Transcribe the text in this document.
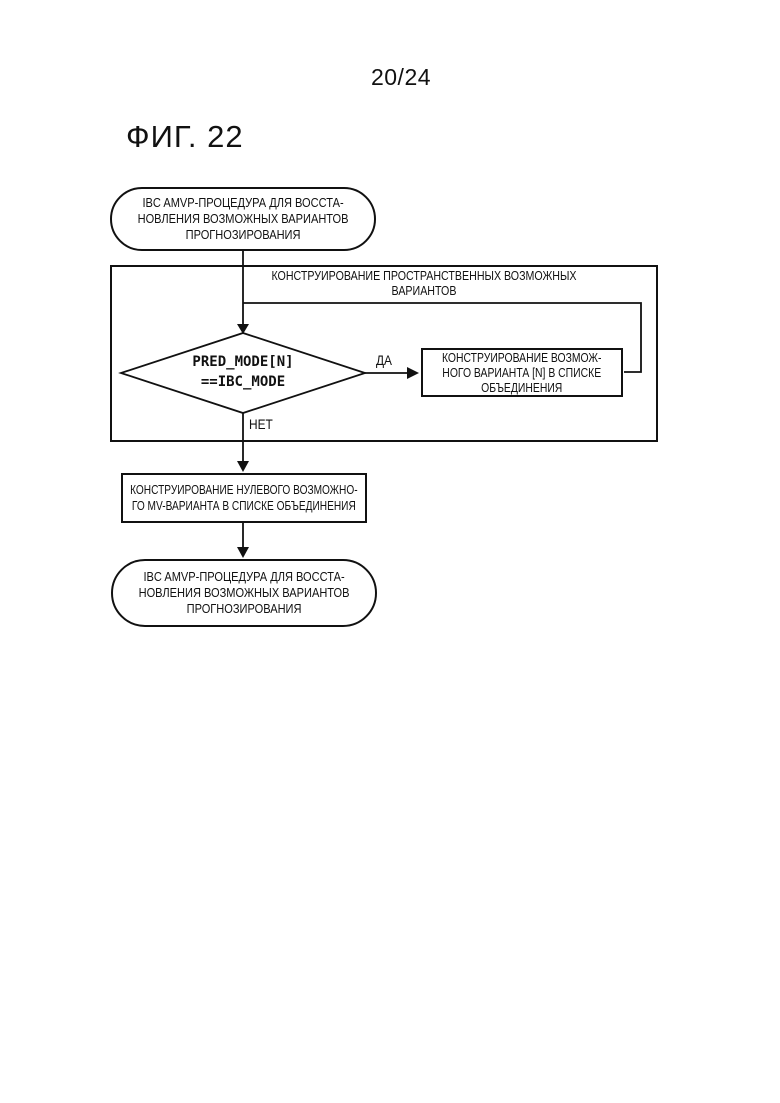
20/24
ФИГ. 22
IBC AMVP-ПРОЦЕДУРА ДЛЯ ВОССТА-
НОВЛЕНИЯ ВОЗМОЖНЫХ ВАРИАНТОВ
ПРОГНОЗИРОВАНИЯ
КОНСТРУИРОВАНИЕ ПРОСТРАНСТВЕННЫХ ВОЗМОЖНЫХ
ВАРИАНТОВ
PRED_MODE[N]
==IBC_MODE
ДА
НЕТ
КОНСТРУИРОВАНИЕ ВОЗМОЖ-
НОГО ВАРИАНТА [N] В СПИСКЕ
ОБЪЕДИНЕНИЯ
КОНСТРУИРОВАНИЕ НУЛЕВОГО ВОЗМОЖНО-
ГО MV-ВАРИАНТА В СПИСКЕ ОБЪЕДИНЕНИЯ
IBC AMVP-ПРОЦЕДУРА ДЛЯ ВОССТА-
НОВЛЕНИЯ ВОЗМОЖНЫХ ВАРИАНТОВ
ПРОГНОЗИРОВАНИЯ
